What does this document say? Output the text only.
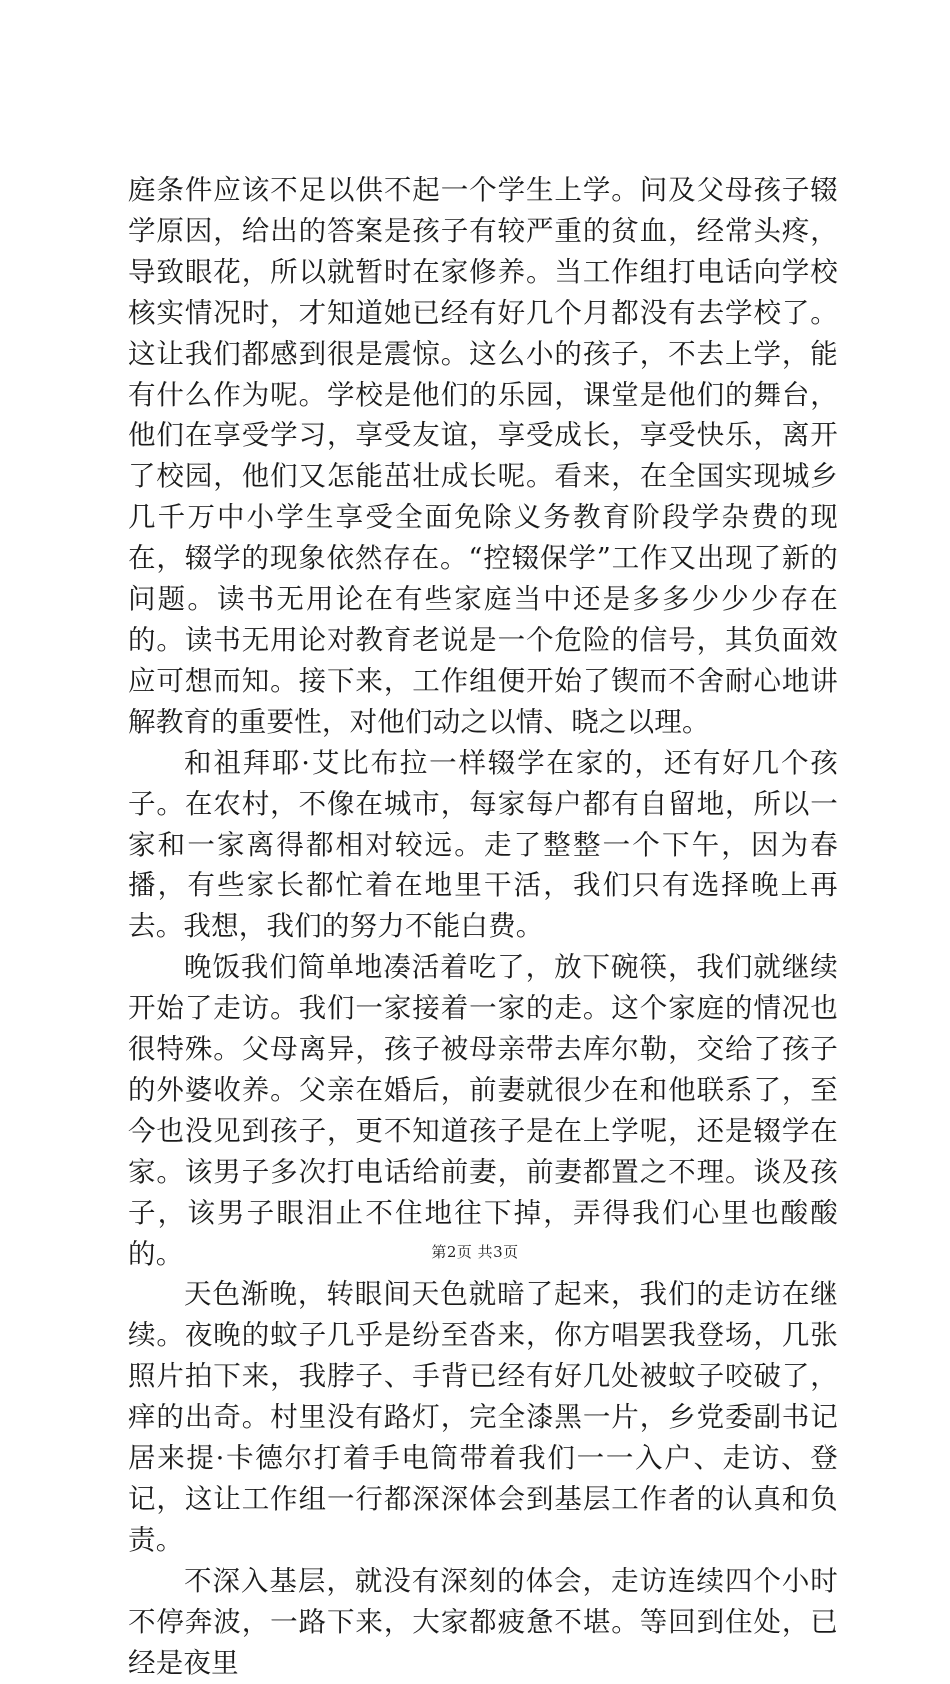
庭条件应该不足以供不起一个学生上学。问及父母孩子辍学原因，给出的答案是孩子有较严重的贫血，经常头疼，导致眼花，所以就暂时在家修养。当工作组打电话向学校核实情况时，才知道她已经有好几个月都没有去学校了。这让我们都感到很是震惊。这么小的孩子，不去上学，能有什么作为呢。学校是他们的乐园，课堂是他们的舞台，他们在享受学习，享受友谊，享受成长，享受快乐，离开了校园，他们又怎能茁壮成长呢。看来，在全国实现城乡几千万中小学生享受全面免除义务教育阶段学杂费的现在，辍学的现象依然存在。“控辍保学”工作又出现了新的问题。读书无用论在有些家庭当中还是多多少少少存在的。读书无用论对教育老说是一个危险的信号，其负面效应可想而知。接下来，工作组便开始了锲而不舍耐心地讲解教育的重要性，对他们动之以情、晓之以理。

和祖拜耶·艾比布拉一样辍学在家的，还有好几个孩子。在农村，不像在城市，每家每户都有自留地，所以一家和一家离得都相对较远。走了整整一个下午，因为春播，有些家长都忙着在地里干活，我们只有选择晚上再去。我想，我们的努力不能白费。

晚饭我们简单地凑活着吃了，放下碗筷，我们就继续开始了走访。我们一家接着一家的走。这个家庭的情况也很特殊。父母离异，孩子被母亲带去库尔勒，交给了孩子的外婆收养。父亲在婚后，前妻就很少在和他联系了，至今也没见到孩子，更不知道孩子是在上学呢，还是辍学在家。该男子多次打电话给前妻，前妻都置之不理。谈及孩子，该男子眼泪止不住地往下掉，弄得我们心里也酸酸的。

天色渐晚，转眼间天色就暗了起来，我们的走访在继续。夜晚的蚊子几乎是纷至沓来，你方唱罢我登场，几张照片拍下来，我脖子、手背已经有好几处被蚊子咬破了，痒的出奇。村里没有路灯，完全漆黑一片，乡党委副书记居来提·卡德尔打着手电筒带着我们一一入户、走访、登记，这让工作组一行都深深体会到基层工作者的认真和负责。

不深入基层，就没有深刻的体会，走访连续四个小时不停奔波，一路下来，大家都疲惫不堪。等回到住处，已经是夜里

第2页 共3页
